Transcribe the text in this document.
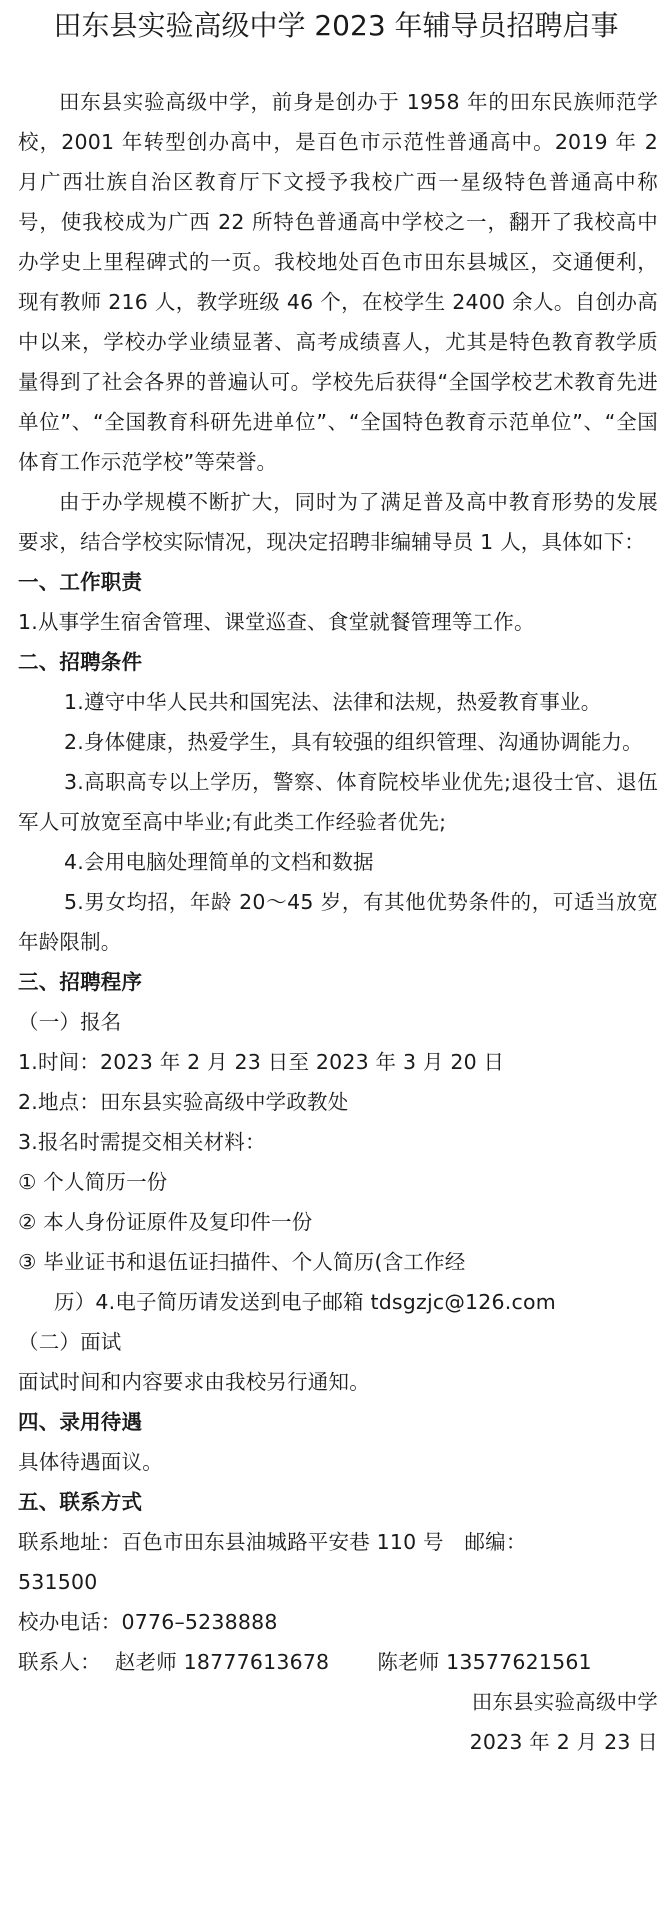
田东县实验高级中学 2023 年辅导员招聘启事

田东县实验高级中学，前身是创办于 1958 年的田东民族师范学校，2001 年转型创办高中，是百色市示范性普通高中。2019 年 2 月广西壮族自治区教育厅下文授予我校广西一星级特色普通高中称号，使我校成为广西 22 所特色普通高中学校之一，翻开了我校高中办学史上里程碑式的一页。我校地处百色市田东县城区，交通便利，现有教师 216 人，教学班级 46 个，在校学生 2400 余人。自创办高中以来，学校办学业绩显著、高考成绩喜人，尤其是特色教育教学质量得到了社会各界的普遍认可。学校先后获得“全国学校艺术教育先进单位”、“全国教育科研先进单位”、“全国特色教育示范单位”、“全国体育工作示范学校”等荣誉。

由于办学规模不断扩大，同时为了满足普及高中教育形势的发展要求，结合学校实际情况，现决定招聘非编辅导员 1 人，具体如下：

一、工作职责

1.从事学生宿舍管理、课堂巡查、食堂就餐管理等工作。

二、招聘条件

1.遵守中华人民共和国宪法、法律和法规，热爱教育事业。

2.身体健康，热爱学生，具有较强的组织管理、沟通协调能力。

3.高职高专以上学历，警察、体育院校毕业优先;退役士官、退伍军人可放宽至高中毕业;有此类工作经验者优先;

4.会用电脑处理简单的文档和数据

5.男女均招，年龄 20～45 岁，有其他优势条件的，可适当放宽年龄限制。

三、招聘程序

（一）报名

1.时间：2023 年 2 月 23 日至 2023 年 3 月 20 日

2.地点：田东县实验高级中学政教处

3.报名时需提交相关材料：

① 个人简历一份

② 本人身份证原件及复印件一份

③ 毕业证书和退伍证扫描件、个人简历(含工作经

历）4.电子简历请发送到电子邮箱 tdsgzjc@126.com

（二）面试

面试时间和内容要求由我校另行通知。

四、录用待遇

具体待遇面议。

五、联系方式

联系地址：百色市田东县油城路平安巷 110 号　邮编：

531500

校办电话：0776–5238888

联系人： 赵老师 18777613678 陈老师 13577621561

田东县实验高级中学

2023 年 2 月 23 日
